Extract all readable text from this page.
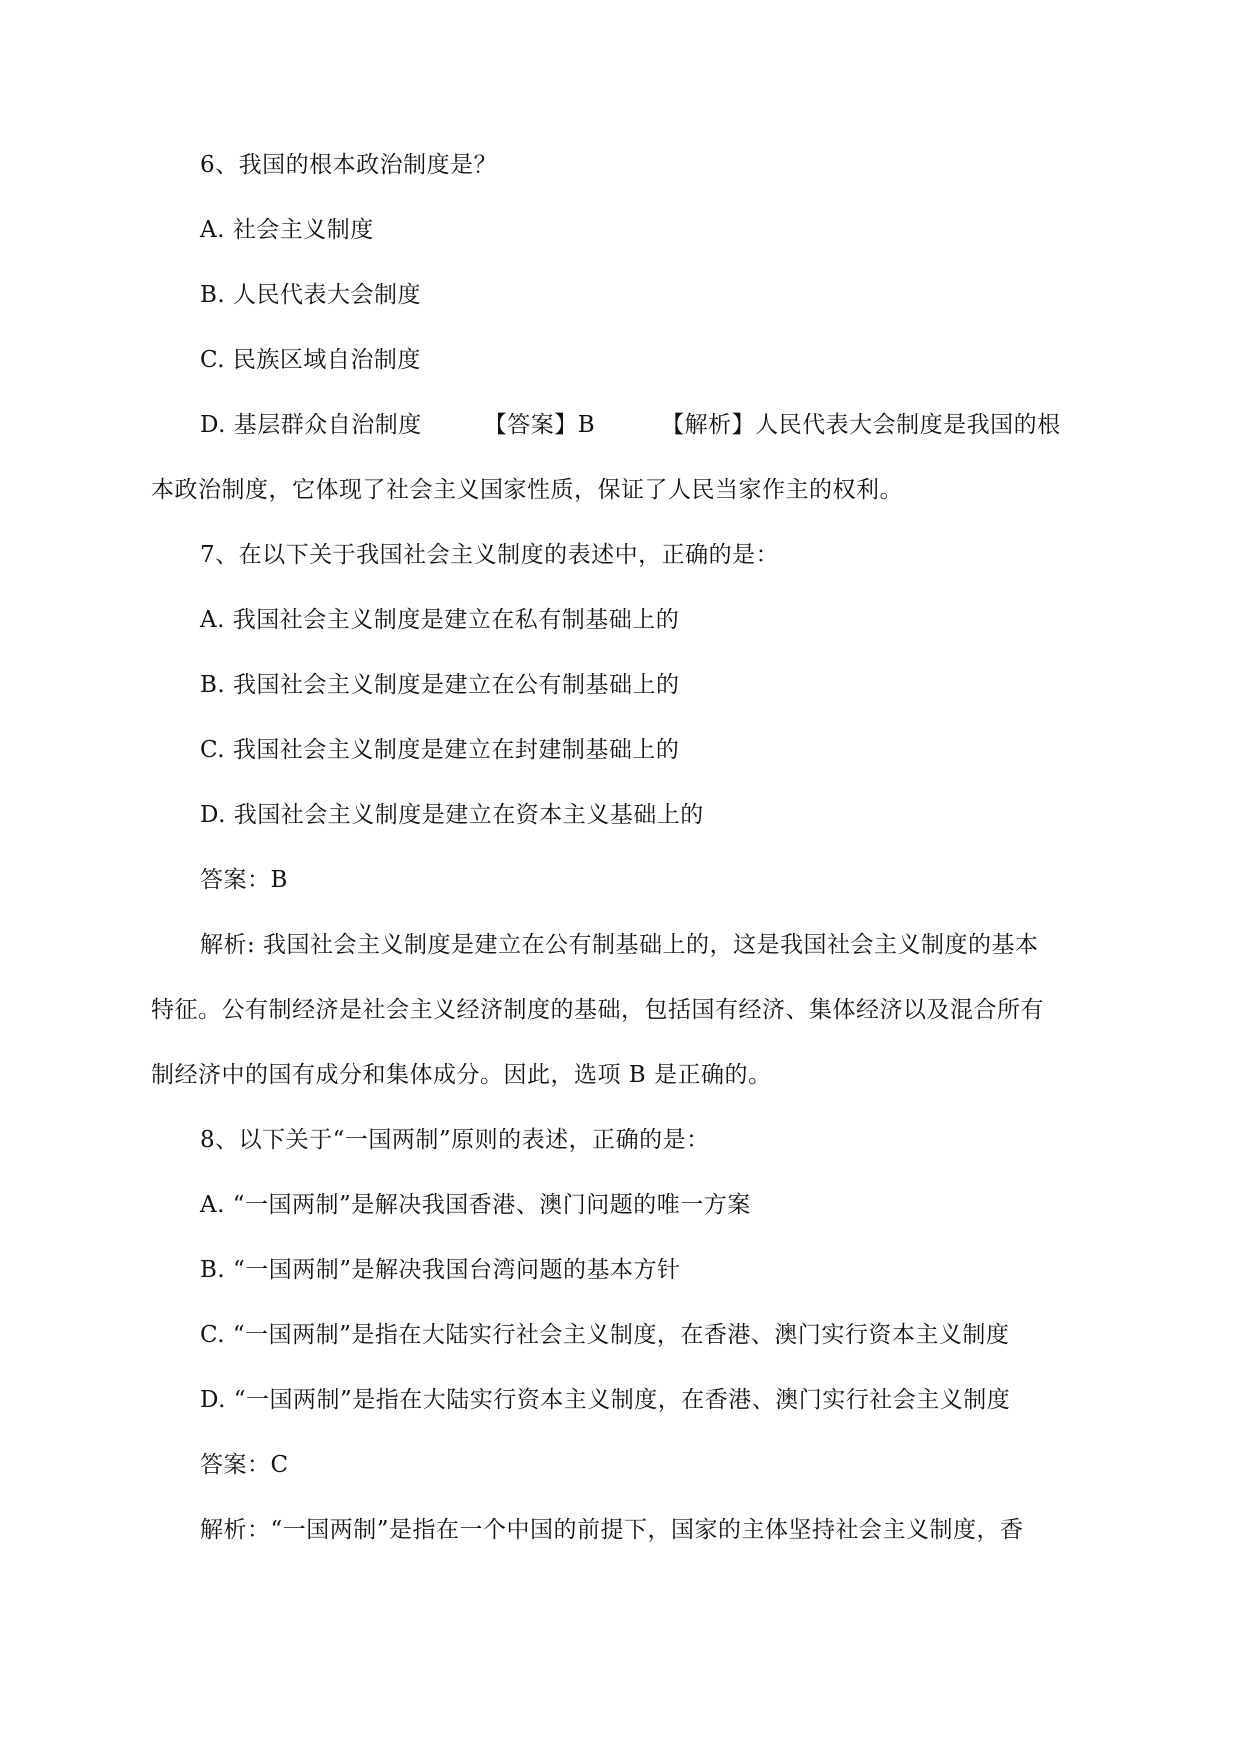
6、我国的根本政治制度是？
A. 社会主义制度
B. 人民代表大会制度
C. 民族区域自治制度
D. 基层群众自治制度	【答案】B	【解析】人民代表大会制度是我国的根
本政治制度，它体现了社会主义国家性质，保证了人民当家作主的权利。
7、在以下关于我国社会主义制度的表述中，正确的是：
A. 我国社会主义制度是建立在私有制基础上的
B. 我国社会主义制度是建立在公有制基础上的
C. 我国社会主义制度是建立在封建制基础上的
D. 我国社会主义制度是建立在资本主义基础上的
答案：B
解析: 我国社会主义制度是建立在公有制基础上的，这是我国社会主义制度的基本
特征。公有制经济是社会主义经济制度的基础，包括国有经济、集体经济以及混合所有
制经济中的国有成分和集体成分。因此，选项 B 是正确的。
8、以下关于“一国两制”原则的表述，正确的是：
A. “一国两制”是解决我国香港、澳门问题的唯一方案
B. “一国两制”是解决我国台湾问题的基本方针
C. “一国两制”是指在大陆实行社会主义制度，在香港、澳门实行资本主义制度
D. “一国两制”是指在大陆实行资本主义制度，在香港、澳门实行社会主义制度
答案：C
解析：“一国两制”是指在一个中国的前提下，国家的主体坚持社会主义制度，香
